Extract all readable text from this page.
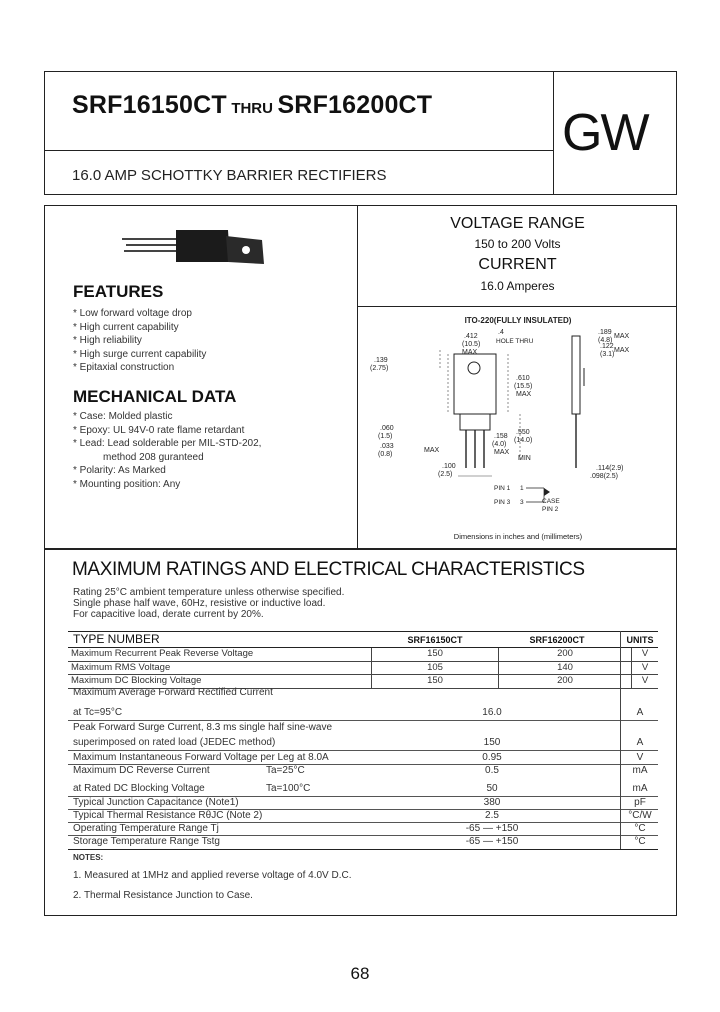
SRF16150CT THRU SRF16200CT
16.0 AMP SCHOTTKY BARRIER RECTIFIERS
GW
FEATURES
* Low forward voltage drop
* High current capability
* High reliability
* High surge current capability
* Epitaxial construction
MECHANICAL DATA
* Case: Molded plastic
* Epoxy: UL 94V-0 rate flame retardant
* Lead: Lead solderable per MIL-STD-202,
method 208 guranteed
* Polarity: As Marked
* Mounting position: Any
VOLTAGE RANGE
150 to 200 Volts
CURRENT
16.0 Amperes
ITO-220(FULLY INSULATED)
.412
(10.5)
MAX
.4
HOLE THRU
.189
(4.8)
MAX
.122
(3.1)
MAX
.139
(2.75)
.610
(15.5)
MAX
.158
(4.0)
MAX
.550
(14.0)
MIN
.060
(1.5)
.033
(0.8)
MAX
.100
(2.5)
.114(2.9)
.098(2.5)
PIN 1 1
PIN 3 3	CASE
PIN 2
Dimensions in inches and (millimeters)
MAXIMUM RATINGS AND ELECTRICAL CHARACTERISTICS
Rating 25°C ambient temperature unless otherwise specified.
Single phase half wave, 60Hz, resistive or inductive load.
For capacitive load, derate current by 20%.
TYPE NUMBER	SRF16150CT	SRF16200CT	UNITS
Maximum Recurrent Peak Reverse Voltage	150	200	V
Maximum RMS Voltage	105	140	V
Maximum DC Blocking Voltage	150	200	V
Maximum Average Forward Rectified Current
at Tc=95°C	16.0	A
Peak Forward Surge Current, 8.3 ms single half sine-wave
superimposed on rated load (JEDEC method)	150	A
Maximum Instantaneous Forward Voltage per Leg at 8.0A	0.95	V
Maximum DC Reverse Current	Ta=25°C	0.5	mA
at Rated DC Blocking Voltage	Ta=100°C	50	mA
Typical Junction Capacitance (Note1)	380	pF
Typical Thermal Resistance RθJC (Note 2)	2.5	°C/W
Operating Temperature Range Tj	-65 — +150	°C
Storage Temperature Range Tstg	-65 — +150	°C
NOTES:
1. Measured at 1MHz and applied reverse voltage of 4.0V D.C.
2. Thermal Resistance Junction to Case.
68
